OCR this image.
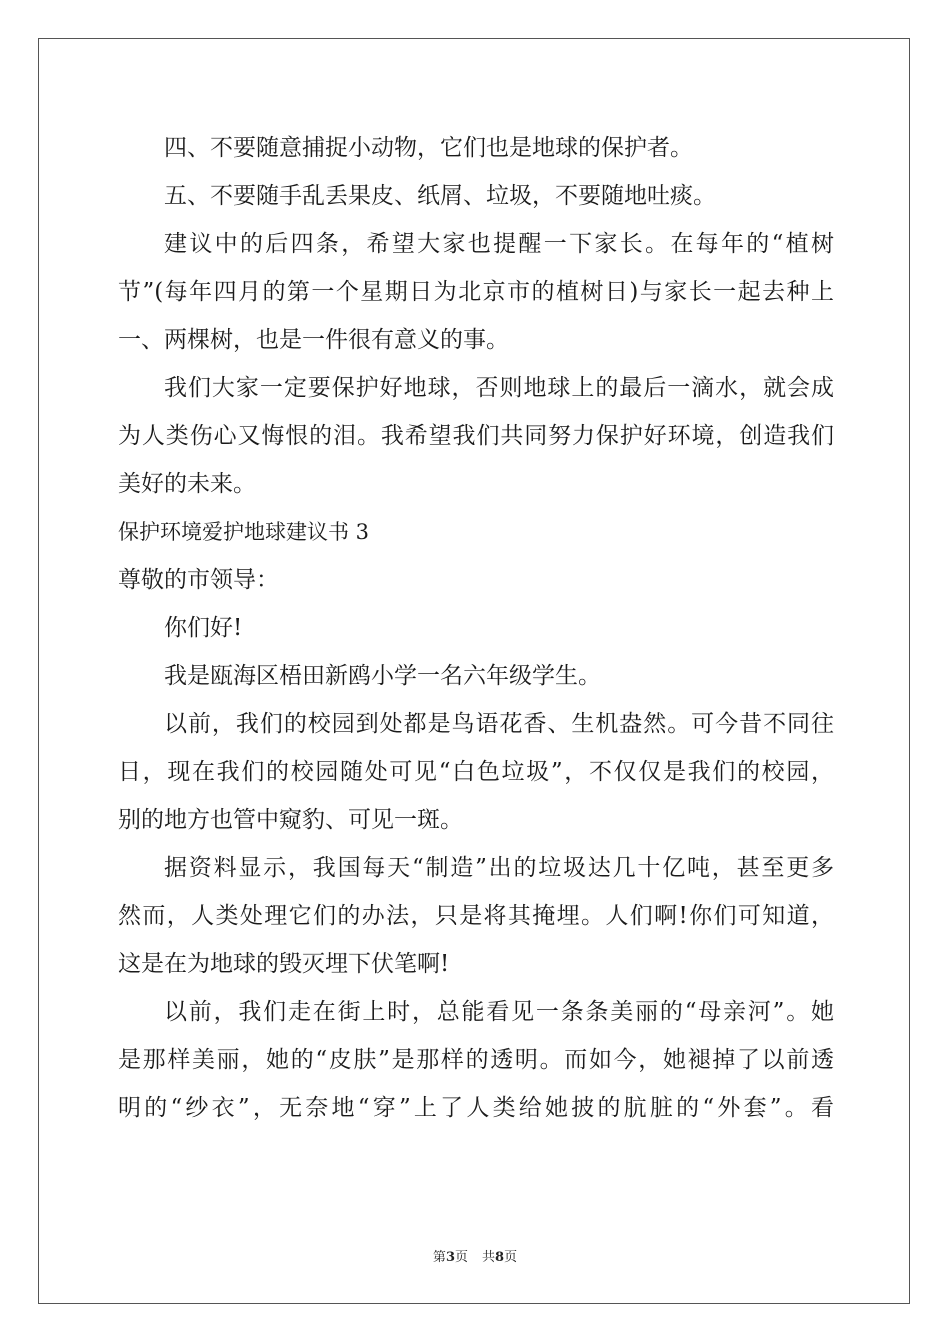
四、不要随意捕捉小动物，它们也是地球的保护者。
五、不要随手乱丢果皮、纸屑、垃圾，不要随地吐痰。
建议中的后四条，希望大家也提醒一下家长。在每年的“植树
节”(每年四月的第一个星期日为北京市的植树日)与家长一起去种上
一、两棵树，也是一件很有意义的事。
我们大家一定要保护好地球，否则地球上的最后一滴水，就会成
为人类伤心又悔恨的泪。我希望我们共同努力保护好环境，创造我们
美好的未来。
保护环境爱护地球建议书 3
尊敬的市领导：
你们好!
我是瓯海区梧田新鸥小学一名六年级学生。
以前，我们的校园到处都是鸟语花香、生机盎然。可今昔不同往
日，现在我们的校园随处可见“白色垃圾”，不仅仅是我们的校园，
别的地方也管中窥豹、可见一斑。
据资料显示，我国每天“制造”出的垃圾达几十亿吨，甚至更多
然而，人类处理它们的办法，只是将其掩埋。人们啊!你们可知道，
这是在为地球的毁灭埋下伏笔啊!
以前，我们走在街上时，总能看见一条条美丽的“母亲河”。她
是那样美丽，她的“皮肤”是那样的透明。而如今，她褪掉了以前透
明的“纱衣”，无奈地“穿”上了人类给她披的肮脏的“外套”。看
第3页 共8页
